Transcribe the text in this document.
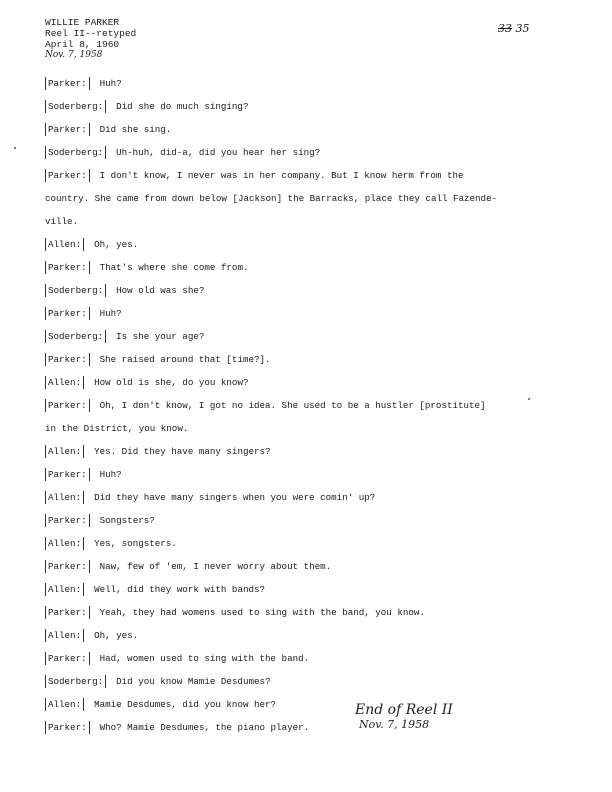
WILLIE PARKER
Reel II--retyped
April 8, 1960
Nov. 7, 1958
33 35
Parker: Huh?
Soderberg: Did she do much singing?
Parker: Did she sing.
Soderberg: Uh-huh, did-a, did you hear her sing?
Parker: I don't know, I never was in her company. But I know herm from the
country. She came from down below [Jackson] the Barracks, place they call Fazende-
ville.
Allen: Oh, yes.
Parker: That's where she come from.
Soderberg: How old was she?
Parker: Huh?
Soderberg: Is she your age?
Parker: She raised around that [time?].
Allen: How old is she, do you know?
Parker: Oh, I don't know, I got no idea. She used to be a hustler [prostitute]
in the District, you know.
Allen: Yes. Did they have many singers?
Parker: Huh?
Allen: Did they have many singers when you were comin' up?
Parker: Songsters?
Allen: Yes, songsters.
Parker: Naw, few of 'em, I never worry about them.
Allen: Well, did they work with bands?
Parker: Yeah, they had womens used to sing with the band, you know.
Allen: Oh, yes.
Parker: Had, women used to sing with the band.
Soderberg: Did you know Mamie Desdumes?
Allen: Mamie Desdumes, did you know her?
Parker: Who? Mamie Desdumes, the piano player.
End of Reel II
Nov. 7, 1958
